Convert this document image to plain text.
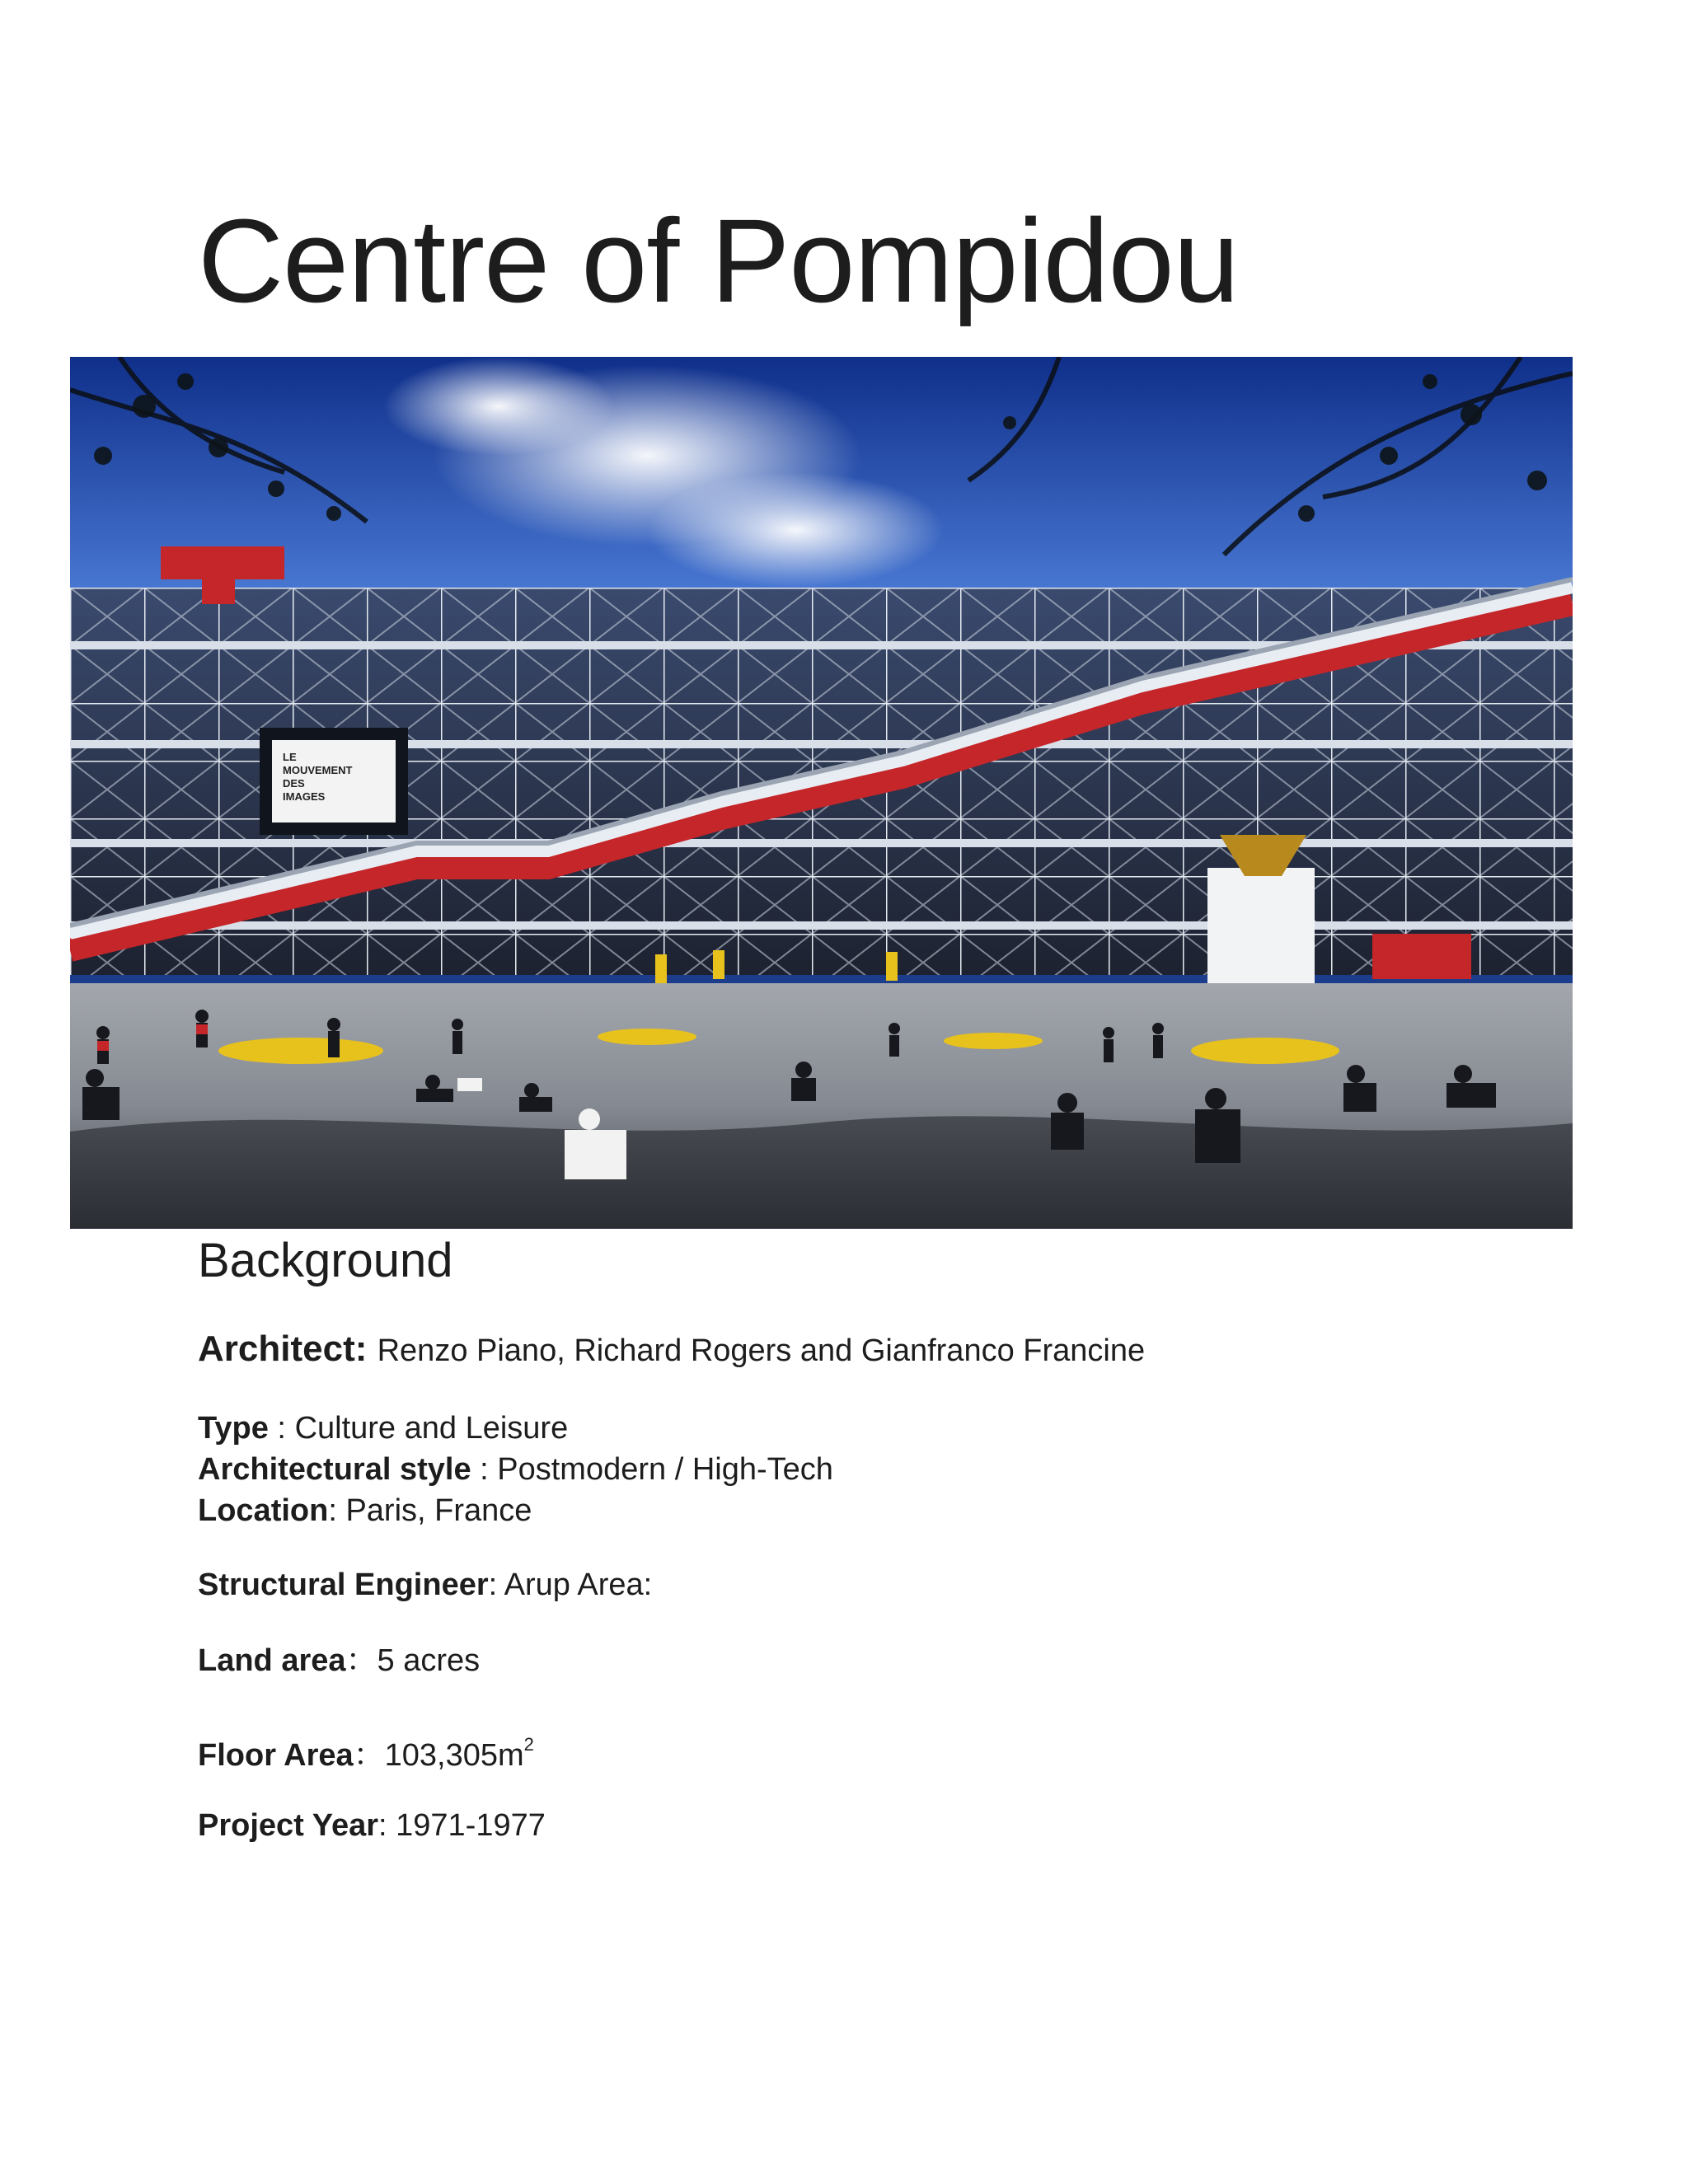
Centre of Pompidou
LE
MOUVEMENT
DES
IMAGES
Background

Architect: Renzo Piano, Richard Rogers and Gianfranco Francine

Type : Culture and Leisure

Architectural style : Postmodern / High-Tech

Location: Paris, France

Structural Engineer: Arup Area:

Land area：5 acres

Floor Area：$103,305m^2$

Project Year: 1971-1977
